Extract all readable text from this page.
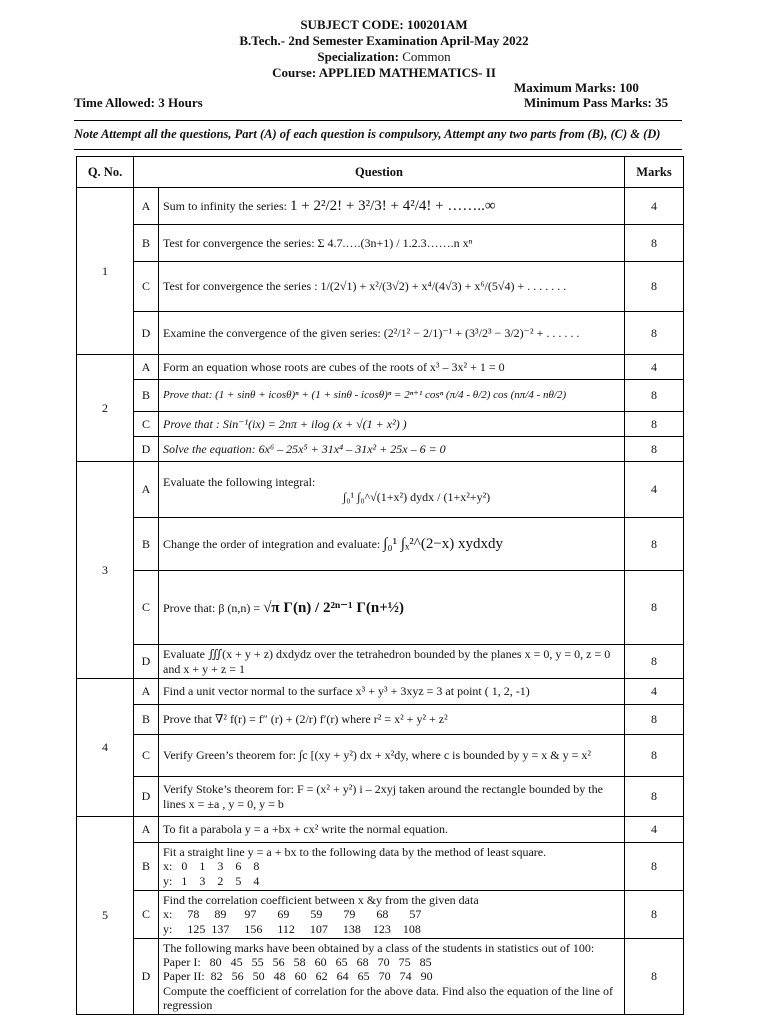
SUBJECT CODE: 100201AM
B.Tech.- 2nd Semester Examination April-May 2022
Specialization: Common
Course: APPLIED MATHEMATICS- II
Maximum Marks: 100
Time Allowed: 3 Hours	Minimum Pass Marks: 35
Note Attempt all the questions, Part (A) of each question is compulsory, Attempt any two parts from (B), (C) & (D)
Q. No.	Question		Marks
1	A	Sum to infinity the series: 1 + 2²/2! + 3²/3! + 4²/4! + ……..∞	4
	B	Test for convergence the series: Σ 4.7.….(3n+1) / 1.2.3…….n xⁿ	8
	C	Test for convergence the series : 1/(2√1) + x²/(3√2) + x⁴/(4√3) + x⁶/(5√4) + . . . . . . .	8
	D	Examine the convergence of the given series: (2²/1² − 2/1)⁻¹ + (3³/2³ − 3/2)⁻² + . . . . . .	8
2	A	Form an equation whose roots are cubes of the roots of x³ – 3x² + 1 = 0	4
	B	Prove that: (1 + sinθ + icosθ)ⁿ + (1 + sinθ - icosθ)ⁿ = 2ⁿ⁺¹ cosⁿ (π/4 - θ/2) cos (nπ/4 - nθ/2)	8
	C	Prove that : Sin⁻¹(ix) = 2nπ + ilog (x + √(1 + x²) )	8
	D	Solve the equation: 6x⁶ – 25x⁵ + 31x⁴ – 31x² + 25x – 6 = 0	8
3	A	Evaluate the following integral:
∫₀¹ ∫₀^√(1+x²) dydx / (1+x²+y²)	4
	B	Change the order of integration and evaluate: ∫₀¹ ∫ₓ²^(2−x) xydxdy	8
	C	Prove that: β (n,n) = √π Γ(n) / 2²ⁿ⁻¹ Γ(n+½)	8
	D	Evaluate ∭(x + y + z) dxdydz over the tetrahedron bounded by the planes x = 0, y = 0, z = 0 and x + y + z = 1	8
4	A	Find a unit vector normal to the surface x³ + y³ + 3xyz = 3 at point ( 1, 2, -1)	4
	B	Prove that ∇² f(r) = f″ (r) + (2/r) f′(r) where r² = x² + y² + z²	8
	C	Verify Green’s theorem for: ∫c [(xy + y²) dx + x²dy, where c is bounded by y = x & y = x²	8
	D	Verify Stoke’s theorem for: F = (x² + y²) i – 2xyj taken around the rectangle bounded by the lines x = ±a , y = 0, y = b	8
5	A	To fit a parabola y = a +bx + cx² write the normal equation.	4
	B	Fit a straight line y = a + bx to the following data by the method of least square.
x:   0    1    3    6    8
y:   1    3    2    5    4	8
	C	Find the correlation coefficient between x &y from the given data
x:     78     89      97       69       59       79       68       57
y:     125  137     156     112     107     138    123    108	8
	D	The following marks have been obtained by a class of the students in statistics out of 100:
Paper I:   80   45   55   56   58   60   65   68   70   75   85
Paper II:  82   56   50   48   60   62   64   65   70   74   90
Compute the coefficient of correlation for the above data. Find also the equation of the line of regression	8
